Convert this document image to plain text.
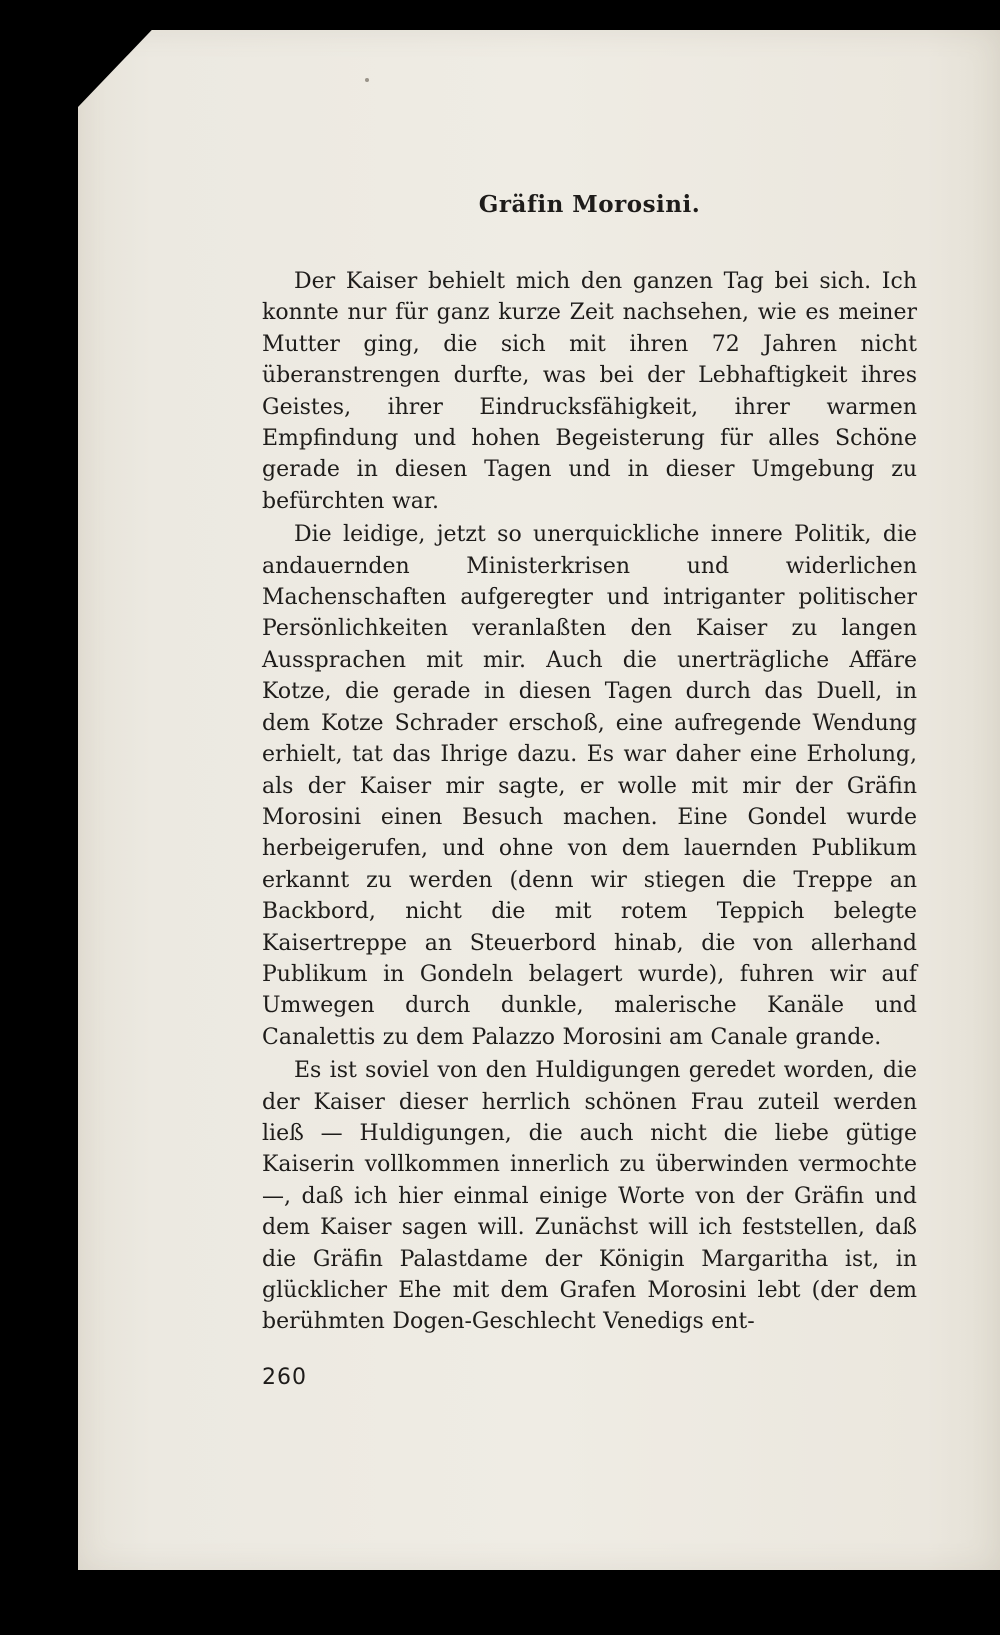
Gräfin Morosini.

Der Kaiser behielt mich den ganzen Tag bei sich. Ich konnte nur für ganz kurze Zeit nachsehen, wie es meiner Mutter ging, die sich mit ihren 72 Jahren nicht überanstrengen durfte, was bei der Lebhaftigkeit ihres Geistes, ihrer Eindrucksfähigkeit, ihrer warmen Empfindung und hohen Begeisterung für alles Schöne gerade in diesen Tagen und in dieser Umgebung zu befürchten war.

Die leidige, jetzt so unerquickliche innere Politik, die andauernden Ministerkrisen und widerlichen Machenschaften aufgeregter und intriganter politischer Persönlichkeiten veranlaßten den Kaiser zu langen Aussprachen mit mir. Auch die unerträgliche Affäre Kotze, die gerade in diesen Tagen durch das Duell, in dem Kotze Schrader erschoß, eine aufregende Wendung erhielt, tat das Ihrige dazu. Es war daher eine Erholung, als der Kaiser mir sagte, er wolle mit mir der Gräfin Morosini einen Besuch machen. Eine Gondel wurde herbeigerufen, und ohne von dem lauernden Publikum erkannt zu werden (denn wir stiegen die Treppe an Backbord, nicht die mit rotem Teppich belegte Kaisertreppe an Steuerbord hinab, die von allerhand Publikum in Gondeln belagert wurde), fuhren wir auf Umwegen durch dunkle, malerische Kanäle und Canalettis zu dem Palazzo Morosini am Canale grande.

Es ist soviel von den Huldigungen geredet worden, die der Kaiser dieser herrlich schönen Frau zuteil werden ließ — Huldigungen, die auch nicht die liebe gütige Kaiserin vollkommen innerlich zu überwinden vermochte —, daß ich hier einmal einige Worte von der Gräfin und dem Kaiser sagen will. Zunächst will ich feststellen, daß die Gräfin Palastdame der Königin Margaritha ist, in glücklicher Ehe mit dem Grafen Morosini lebt (der dem berühmten Dogen-Geschlecht Venedigs ent-

260
